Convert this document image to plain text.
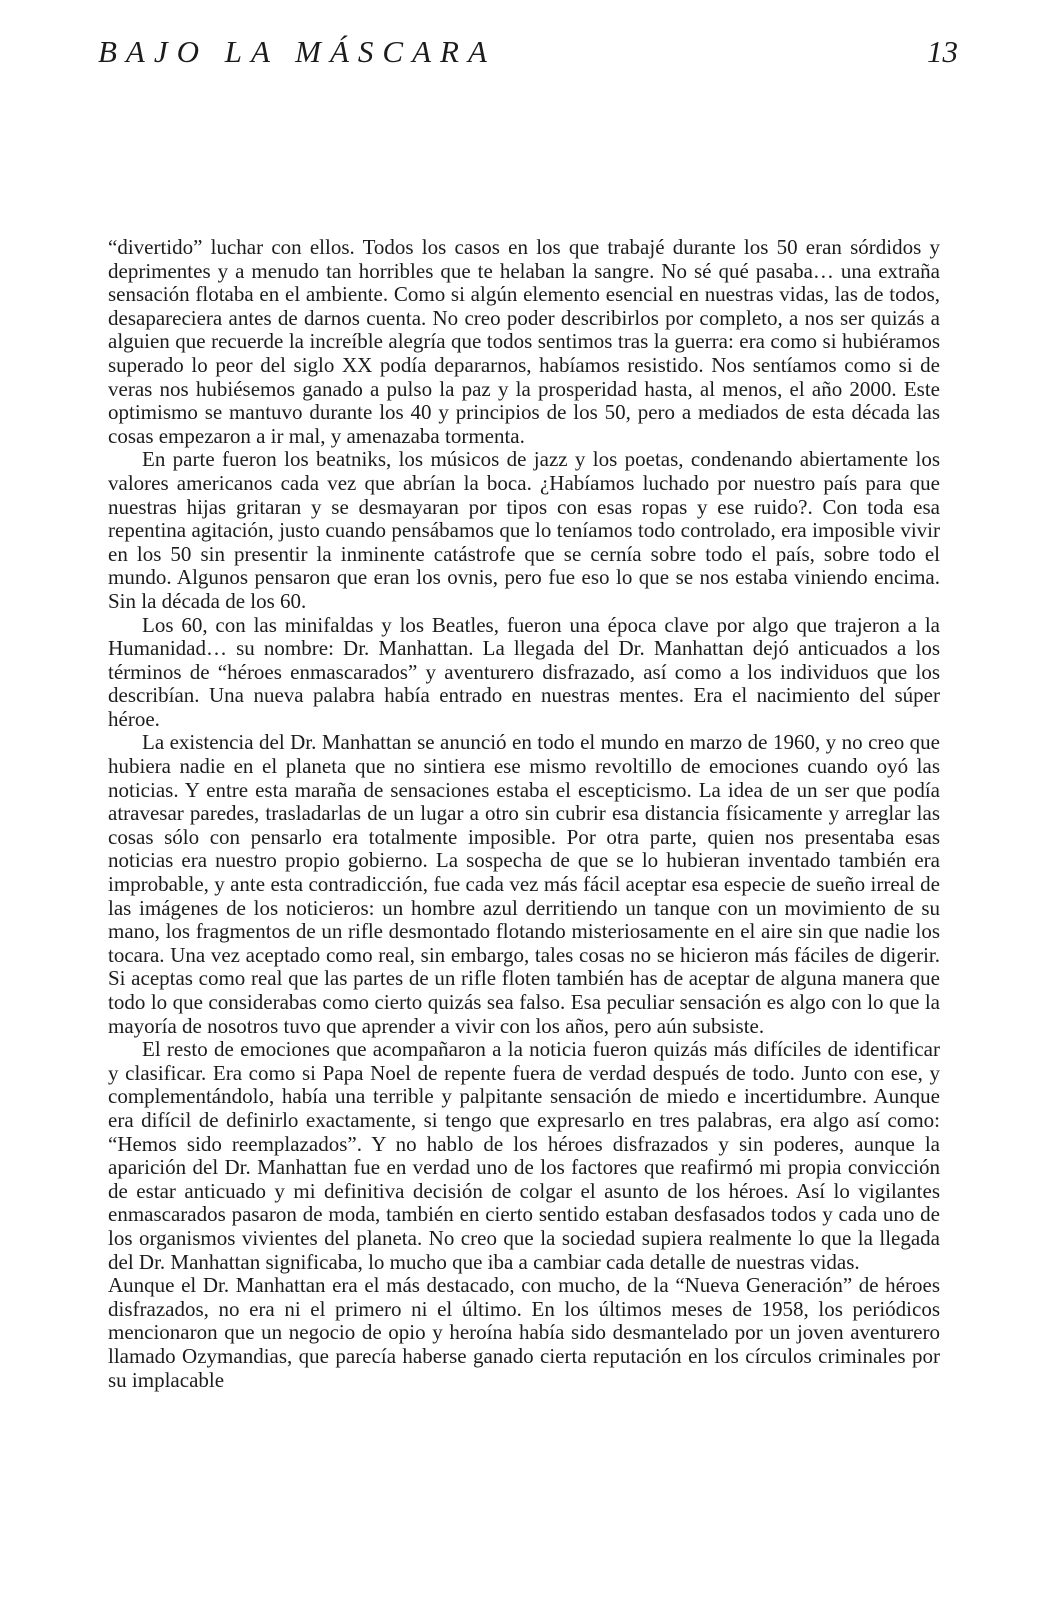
BAJO LA MÁSCARA	13

“divertido” luchar con ellos. Todos los casos en los que trabajé durante los 50 eran sórdidos y deprimentes y a menudo tan horribles que te helaban la sangre. No sé qué pasaba… una extraña sensación flotaba en el ambiente. Como si algún elemento esencial en nuestras vidas, las de todos, desapareciera antes de darnos cuenta. No creo poder describirlos por completo, a nos ser quizás a alguien que recuerde la increíble alegría que todos sentimos tras la guerra: era como si hubiéramos superado lo peor del siglo XX podía depararnos, habíamos resistido. Nos sentíamos como si de veras nos hubiésemos ganado a pulso la paz y la prosperidad hasta, al menos, el año 2000. Este optimismo se mantuvo durante los 40 y principios de los 50, pero a mediados de esta década las cosas empezaron a ir mal, y amenazaba tormenta.

En parte fueron los beatniks, los músicos de jazz y los poetas, condenando abiertamente los valores americanos cada vez que abrían la boca. ¿Habíamos luchado por nuestro país para que nuestras hijas gritaran y se desmayaran por tipos con esas ropas y ese ruido?. Con toda esa repentina agitación, justo cuando pensábamos que lo teníamos todo controlado, era imposible vivir en los 50 sin presentir la inminente catástrofe que se cernía sobre todo el país, sobre todo el mundo. Algunos pensaron que eran los ovnis, pero fue eso lo que se nos estaba viniendo encima. Sin la década de los 60.

Los 60, con las minifaldas y los Beatles, fueron una época clave por algo que trajeron a la Humanidad… su nombre: Dr. Manhattan. La llegada del Dr. Manhattan dejó anticuados a los términos de “héroes enmascarados” y aventurero disfrazado, así como a los individuos que los describían. Una nueva palabra había entrado en nuestras mentes. Era el nacimiento del súper héroe.

La existencia del Dr. Manhattan se anunció en todo el mundo en marzo de 1960, y no creo que hubiera nadie en el planeta que no sintiera ese mismo revoltillo de emociones cuando oyó las noticias. Y entre esta maraña de sensaciones estaba el escepticismo. La idea de un ser que podía atravesar paredes, trasladarlas de un lugar a otro sin cubrir esa distancia físicamente y arreglar las cosas sólo con pensarlo era totalmente imposible. Por otra parte, quien nos presentaba esas noticias era nuestro propio gobierno. La sospecha de que se lo hubieran inventado también era improbable, y ante esta contradicción, fue cada vez más fácil aceptar esa especie de sueño irreal de las imágenes de los noticieros: un hombre azul derritiendo un tanque con un movimiento de su mano, los fragmentos de un rifle desmontado flotando misteriosamente en el aire sin que nadie los tocara. Una vez aceptado como real, sin embargo, tales cosas no se hicieron más fáciles de digerir. Si aceptas como real que las partes de un rifle floten también has de aceptar de alguna manera que todo lo que considerabas como cierto quizás sea falso. Esa peculiar sensación es algo con lo que la mayoría de nosotros tuvo que aprender a vivir con los años, pero aún subsiste.

El resto de emociones que acompañaron a la noticia fueron quizás más difíciles de identificar y clasificar. Era como si Papa Noel de repente fuera de verdad después de todo. Junto con ese, y complementándolo, había una terrible y palpitante sensación de miedo e incertidumbre. Aunque era difícil de definirlo exactamente, si tengo que expresarlo en tres palabras, era algo así como: “Hemos sido reemplazados”. Y no hablo de los héroes disfrazados y sin poderes, aunque la aparición del Dr. Manhattan fue en verdad uno de los factores que reafirmó mi propia convicción de estar anticuado y mi definitiva decisión de colgar el asunto de los héroes. Así lo vigilantes enmascarados pasaron de moda, también en cierto sentido estaban desfasados todos y cada uno de los organismos vivientes del planeta. No creo que la sociedad supiera realmente lo que la llegada del Dr. Manhattan significaba, lo mucho que iba a cambiar cada detalle de nuestras vidas.

Aunque el Dr. Manhattan era el más destacado, con mucho, de la “Nueva Generación” de héroes disfrazados, no era ni el primero ni el último. En los últimos meses de 1958, los periódicos mencionaron que un negocio de opio y heroína había sido desmantelado por un joven aventurero llamado Ozymandias, que parecía haberse ganado cierta reputación en los círculos criminales por su implacable
